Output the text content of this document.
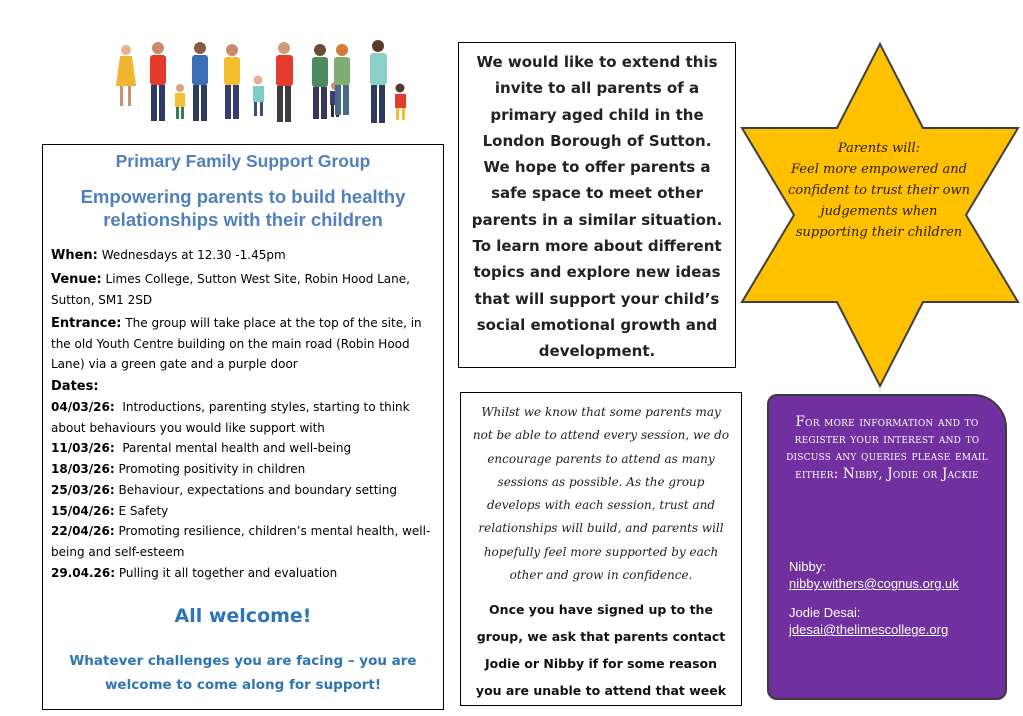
Primary Family Support Group
Empowering parents to build healthy relationships with their children
When: Wednesdays at 12.30 -1.45pm
Venue: Limes College, Sutton West Site, Robin Hood Lane, Sutton, SM1 2SD
Entrance: The group will take place at the top of the site, in the old Youth Centre building on the main road (Robin Hood Lane) via a green gate and a purple door
Dates:
04/03/26: Introductions, parenting styles, starting to think about behaviours you would like support with
11/03/26: Parental mental health and well-being
18/03/26: Promoting positivity in children
25/03/26: Behaviour, expectations and boundary setting
15/04/26: E Safety
22/04/26: Promoting resilience, children’s mental health, well-being and self-esteem
29.04.26: Pulling it all together and evaluation
All welcome!
Whatever challenges you are facing – you are welcome to come along for support!
We would like to extend this invite to all parents of a primary aged child in the London Borough of Sutton. We hope to offer parents a safe space to meet other parents in a similar situation. To learn more about different topics and explore new ideas that will support your child’s social emotional growth and development.
Whilst we know that some parents may not be able to attend every session, we do encourage parents to attend as many sessions as possible. As the group develops with each session, trust and relationships will build, and parents will hopefully feel more supported by each other and grow in confidence.
Once you have signed up to the group, we ask that parents contact Jodie or Nibby if for some reason you are unable to attend that week
Parents will:
Feel more empowered and confident to trust their own judgements when supporting their children
For more information and to register your interest and to discuss any queries please email either: Nibby, Jodie or Jackie
Nibby:
nibby.withers@cognus.org.uk
Jodie Desai:
jdesai@thelimescollege.org
